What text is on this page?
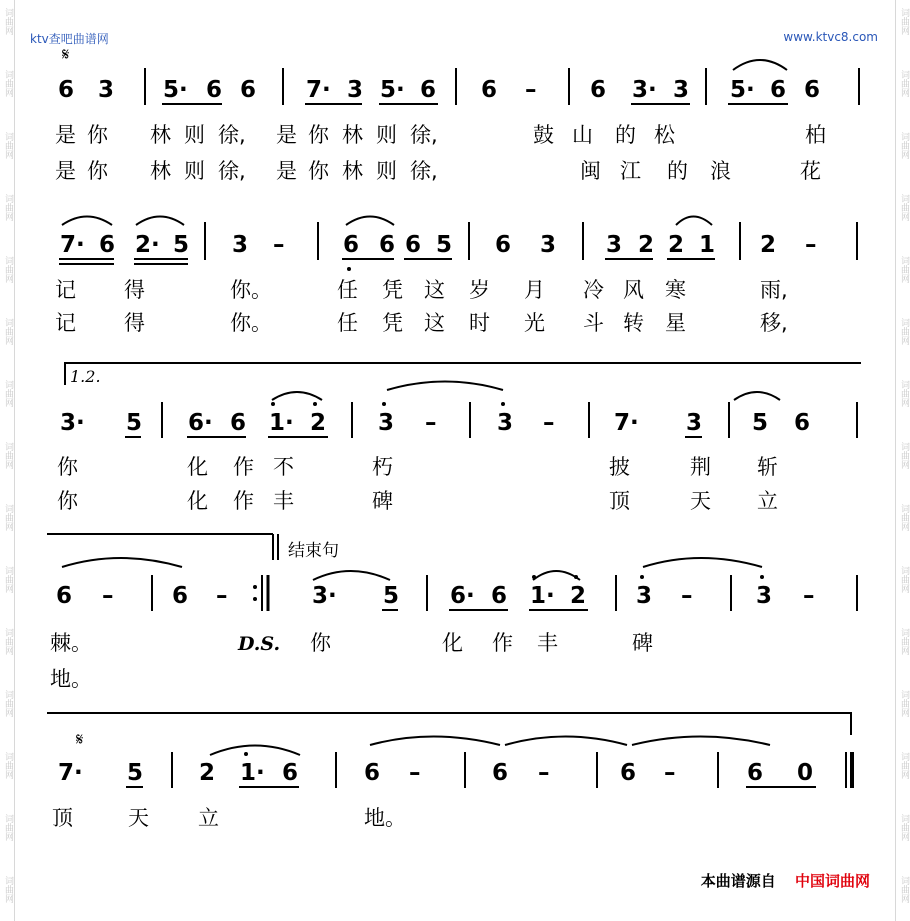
词曲网
词曲网
词曲网
词曲网
词曲网
词曲网
词曲网
词曲网
词曲网
词曲网
词曲网
词曲网
词曲网
词曲网
词曲网
词曲网
词曲网
词曲网
词曲网
词曲网
词曲网
词曲网
词曲网
词曲网
词曲网
词曲网
词曲网
词曲网
词曲网
词曲网
ktv查吧曲谱网	www.ktvc8.com
𝄋
𝄋
6 3 5· 6 6 7· 3 5· 6 6 – 6 3· 3 5· 6 6
7· 6 2· 5 3 –	6 6 6 5 6 3 3 2 2 1 2 –
1.2.
3· 5 6· 6 1· 2 3 –	3 –	7· 3 5 6
结束句
6 –	6 –	3· 5 6· 6 1· 2 3 –	3 –
7· 5 2 1· 6	6 –	6 –	6 –	6 0
是 你 林 则 徐, 是 你 林 则 徐,	鼓 山 的 松	柏
是 你 林 则 徐, 是 你 林 则 徐,	闽 江 的 浪	花
记 得	你。	任 凭 这 岁 月 冷 风 寒	雨,
记 得	你。	任 凭 这 时 光 斗 转 星	移,
你	化 作 不	朽	披	荆 斩
你	化 作 丰	碑	顶	天 立
棘。	你	化 作 丰	碑
地。
顶	天 立	地。
D.S.
本曲谱源自 中国词曲网
